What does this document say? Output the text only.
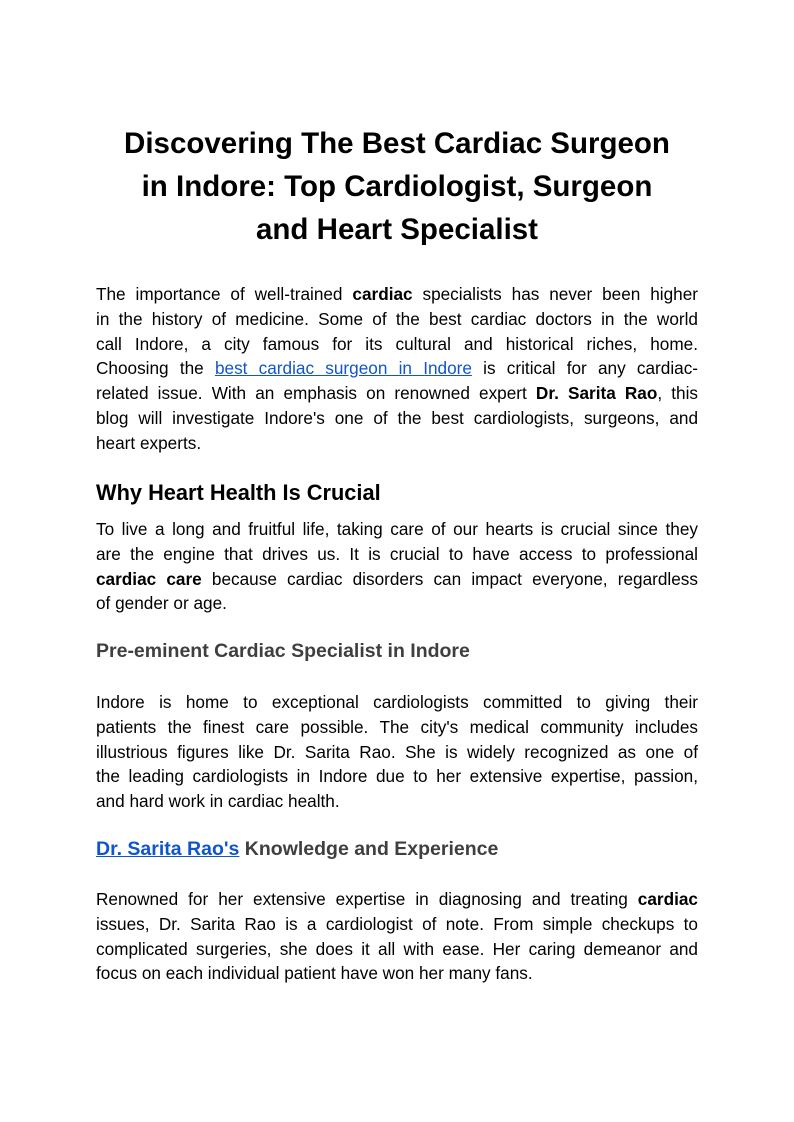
Discovering The Best Cardiac Surgeon
in Indore: Top Cardiologist, Surgeon
and Heart Specialist

The importance of well-trained cardiac specialists has never been higher
in the history of medicine. Some of the best cardiac doctors in the world
call Indore, a city famous for its cultural and historical riches, home.
Choosing the best cardiac surgeon in Indore is critical for any cardiac-
related issue. With an emphasis on renowned expert Dr. Sarita Rao, this
blog will investigate Indore's one of the best cardiologists, surgeons, and
heart experts.

Why Heart Health Is Crucial

To live a long and fruitful life, taking care of our hearts is crucial since they
are the engine that drives us. It is crucial to have access to professional
cardiac care because cardiac disorders can impact everyone, regardless
of gender or age.

Pre-eminent Cardiac Specialist in Indore

Indore is home to exceptional cardiologists committed to giving their
patients the finest care possible. The city's medical community includes
illustrious figures like Dr. Sarita Rao. She is widely recognized as one of
the leading cardiologists in Indore due to her extensive expertise, passion,
and hard work in cardiac health.

Dr. Sarita Rao's Knowledge and Experience

Renowned for her extensive expertise in diagnosing and treating cardiac
issues, Dr. Sarita Rao is a cardiologist of note. From simple checkups to
complicated surgeries, she does it all with ease. Her caring demeanor and
focus on each individual patient have won her many fans.
